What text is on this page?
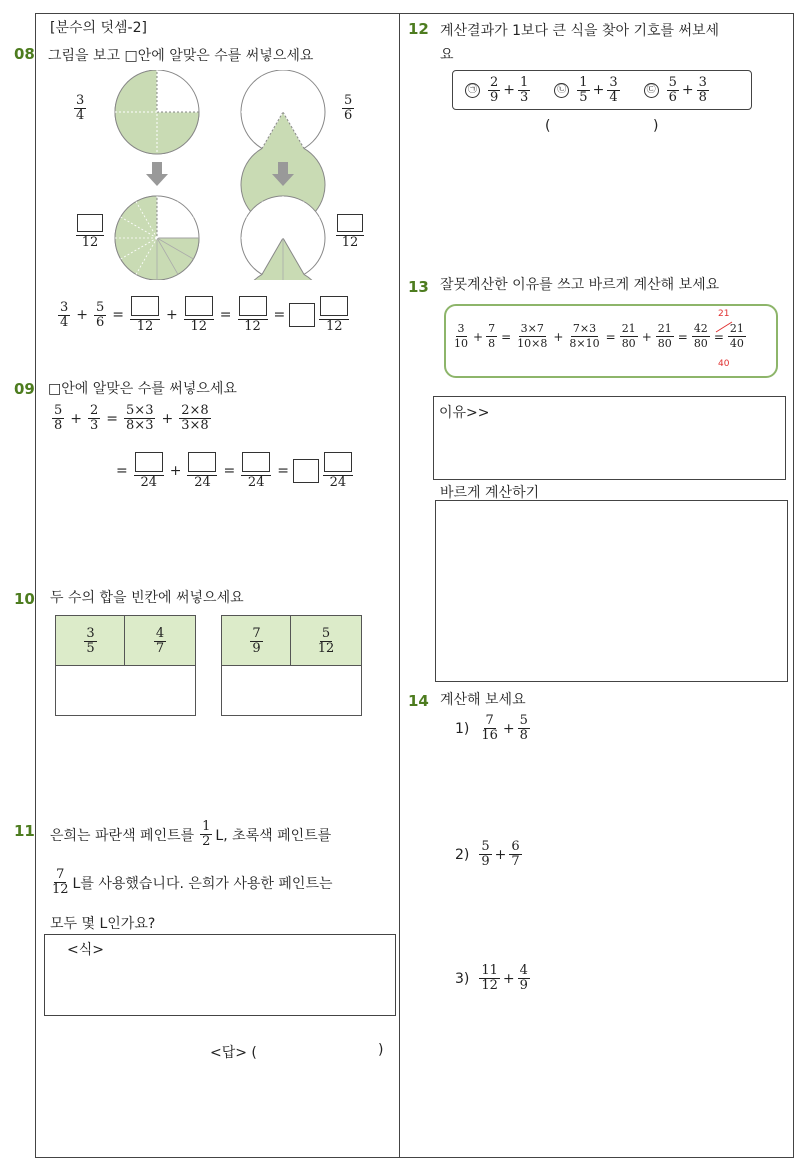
[분수의 덧셈-2]
08 그림을 보고 □안에 알맞은 수를 써넣으세요
$\frac{3}{4}$	$\frac{5}{6}$
12	12
$\frac{3}{4} + \frac{5}{6}$ =
12
+
12
=
12
=
12
09 □안에 알맞은 수를 써넣으세요
$\frac{5}{8} + \frac{2}{3} = \frac{5\times 3}{8\times 3} + \frac{2\times 8}{3\times 8}$
=
24
+
24
=
24
=
24
10 두 수의 합을 빈칸에 써넣으세요
$\frac{3}{5}$	$\frac{4}{7}$	$\frac{7}{9}$	$\frac{5}{12}$
11 은희는 파란색 페인트를 $\frac{1}{2} L$, 초록색 페인트를
$\frac{7}{12}$ L를 사용했습니다. 은희가 사용한 페인트는
모두 몇 L인가요?
<식>
<답> (	)
12 계산결과가 1보다 큰 식을 찾아 기호를 써보세
요
㉠ $\frac{2}{9} + \frac{1}{3}$	㉡ $\frac{1}{5} + \frac{3}{4}$	㉢ $\frac{5}{6} + \frac{3}{8}$
(	)
13 잘못계산한 이유를 쓰고 바르게 계산해 보세요
$\frac{3}{10} + \frac{7}{8} = \frac{3\times 7}{10\times 8} + \frac{7\times 3}{8\times 10} = \frac{21}{80} + \frac{21}{80} = \frac{42}{80} = \frac{21}{40}$
21
40
이유>>
바르게 계산하기
14 계산해 보세요
$1) \frac{7}{16} + \frac{5}{8}$
$2) \frac{5}{9} + \frac{6}{7}$
$3) \frac{11}{12} + \frac{4}{9}$
